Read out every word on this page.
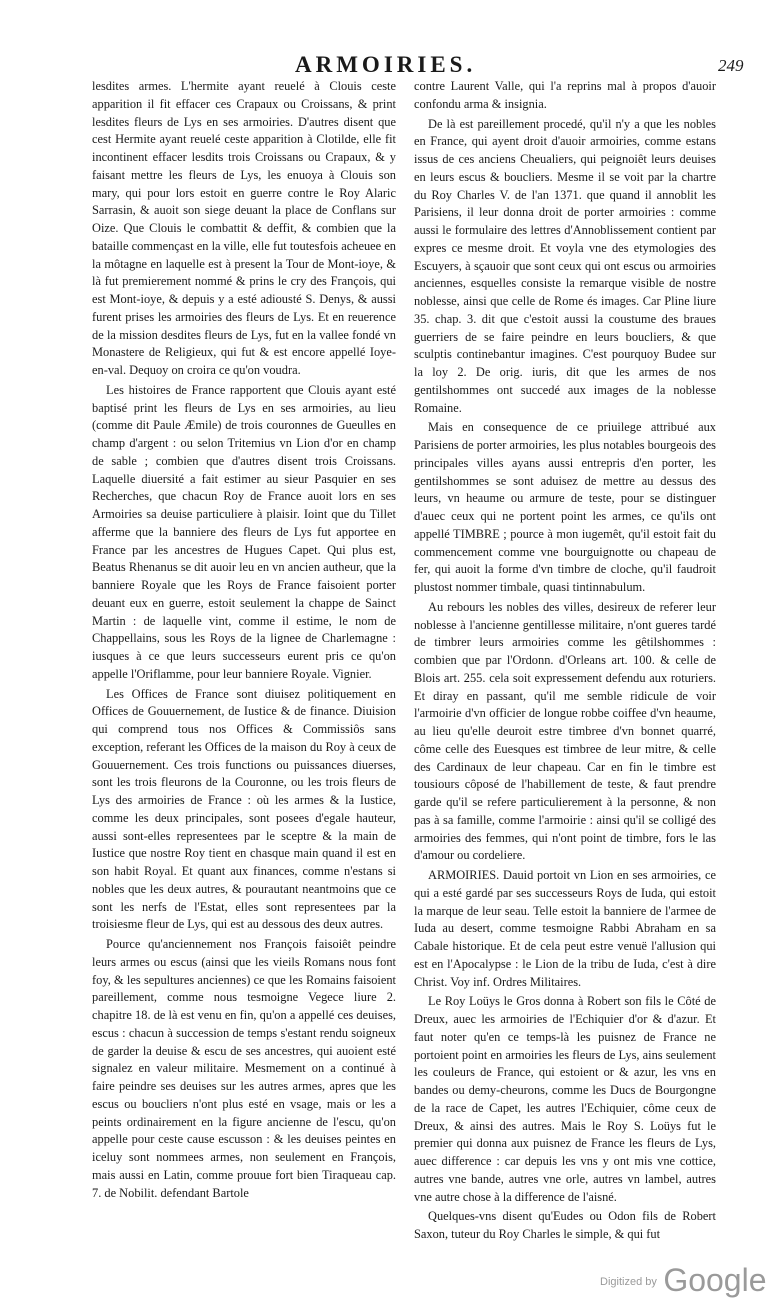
ARMOIRIES.	249

lesdites armes. L'hermite ayant reuelé à Clouis ceste apparition il fit effacer ces Crapaux ou Croissans, & print lesdites fleurs de Lys en ses armoiries. D'autres disent que cest Hermite ayant reuelé ceste apparition à Clotilde, elle fit incontinent effacer lesdits trois Croissans ou Crapaux, & y faisant mettre les fleurs de Lys, les enuoya à Clouis son mary, qui pour lors estoit en guerre contre le Roy Alaric Sarrasin, & auoit son siege deuant la place de Conflans sur Oize. Que Clouis le combattit & deffit, & combien que la bataille commençast en la ville, elle fut toutesfois acheuee en la môtagne en laquelle est à present la Tour de Mont-ioye, & là fut premierement nommé & prins le cry des François, qui est Mont-ioye, & depuis y a esté adiousté S. Denys, & aussi furent prises les armoiries des fleurs de Lys. Et en reuerence de la mission desdites fleurs de Lys, fut en la vallee fondé vn Monastere de Religieux, qui fut & est encore appellé Ioye-en-val. Dequoy on croira ce qu'on voudra.

Les histoires de France rapportent que Clouis ayant esté baptisé print les fleurs de Lys en ses armoiries, au lieu (comme dit Paule Æmile) de trois couronnes de Gueulles en champ d'argent : ou selon Tritemius vn Lion d'or en champ de sable ; combien que d'autres disent trois Croissans. Laquelle diuersité a fait estimer au sieur Pasquier en ses Recherches, que chacun Roy de France auoit lors en ses Armoiries sa deuise particuliere à plaisir. Ioint que du Tillet afferme que la banniere des fleurs de Lys fut apportee en France par les ancestres de Hugues Capet. Qui plus est, Beatus Rhenanus se dit auoir leu en vn ancien autheur, que la banniere Royale que les Roys de France faisoient porter deuant eux en guerre, estoit seulement la chappe de Sainct Martin : de laquelle vint, comme il estime, le nom de Chappellains, sous les Roys de la lignee de Charlemagne : iusques à ce que leurs successeurs eurent pris ce qu'on appelle l'Oriflamme, pour leur banniere Royale. Vignier.

Les Offices de France sont diuisez politiquement en Offices de Gouuernement, de Iustice & de finance. Diuision qui comprend tous nos Offices & Commissiôs sans exception, referant les Offices de la maison du Roy à ceux de Gouuernement. Ces trois functions ou puissances diuerses, sont les trois fleurons de la Couronne, ou les trois fleurs de Lys des armoiries de France : où les armes & la Iustice, comme les deux principales, sont posees d'egale hauteur, aussi sont-elles representees par le sceptre & la main de Iustice que nostre Roy tient en chasque main quand il est en son habit Royal. Et quant aux finances, comme n'estans si nobles que les deux autres, & pourautant neantmoins que ce sont les nerfs de l'Estat, elles sont representees par la troisiesme fleur de Lys, qui est au dessous des deux autres.

Pource qu'anciennement nos François faisoiêt peindre leurs armes ou escus (ainsi que les vieils Romans nous font foy, & les sepultures anciennes) ce que les Romains faisoient pareillement, comme nous tesmoigne Vegece liure 2. chapitre 18. de là est venu en fin, qu'on a appellé ces deuises, escus : chacun à succession de temps s'estant rendu soigneux de garder la deuise & escu de ses ancestres, qui auoient esté signalez en valeur militaire. Mesmement on a continué à faire peindre ses deuises sur les autres armes, apres que les escus ou boucliers n'ont plus esté en vsage, mais or les a peints ordinairement en la figure ancienne de l'escu, qu'on appelle pour ceste cause escusson : & les deuises peintes en iceluy sont nommees armes, non seulement en François, mais aussi en Latin, comme prouue fort bien Tiraqueau cap. 7. de Nobilit. defendant Bartole

contre Laurent Valle, qui l'a reprins mal à propos d'auoir confondu arma & insignia.

De là est pareillement procedé, qu'il n'y a que les nobles en France, qui ayent droit d'auoir armoiries, comme estans issus de ces anciens Cheualiers, qui peignoiêt leurs deuises en leurs escus & boucliers. Mesme il se voit par la chartre du Roy Charles V. de l'an 1371. que quand il annoblit les Parisiens, il leur donna droit de porter armoiries : comme aussi le formulaire des lettres d'Annoblissement contient par expres ce mesme droit. Et voyla vne des etymologies des Escuyers, à sçauoir que sont ceux qui ont escus ou armoiries anciennes, esquelles consiste la remarque visible de nostre noblesse, ainsi que celle de Rome és images. Car Pline liure 35. chap. 3. dit que c'estoit aussi la coustume des braues guerriers de se faire peindre en leurs boucliers, & que sculptis continebantur imagines. C'est pourquoy Budee sur la loy 2. De orig. iuris, dit que les armes de nos gentilshommes ont succedé aux images de la noblesse Romaine.

Mais en consequence de ce priuilege attribué aux Parisiens de porter armoiries, les plus notables bourgeois des principales villes ayans aussi entrepris d'en porter, les gentilshommes se sont aduisez de mettre au dessus des leurs, vn heaume ou armure de teste, pour se distinguer d'auec ceux qui ne portent point les armes, ce qu'ils ont appellé TIMBRE ; pource à mon iugemêt, qu'il estoit fait du commencement comme vne bourguignotte ou chapeau de fer, qui auoit la forme d'vn timbre de cloche, qu'il faudroit plustost nommer timbale, quasi tintinnabulum.

Au rebours les nobles des villes, desireux de referer leur noblesse à l'ancienne gentillesse militaire, n'ont gueres tardé de timbrer leurs armoiries comme les gêtilshommes : combien que par l'Ordonn. d'Orleans art. 100. & celle de Blois art. 255. cela soit expressement defendu aux roturiers. Et diray en passant, qu'il me semble ridicule de voir l'armoirie d'vn officier de longue robbe coiffee d'vn heaume, au lieu qu'elle deuroit estre timbree d'vn bonnet quarré, côme celle des Euesques est timbree de leur mitre, & celle des Cardinaux de leur chapeau. Car en fin le timbre est tousiours côposé de l'habillement de teste, & faut prendre garde qu'il se refere particulierement à la personne, & non pas à sa famille, comme l'armoirie : ainsi qu'il se colligé des armoiries des femmes, qui n'ont point de timbre, fors le las d'amour ou cordeliere.

ARMOIRIES. Dauid portoit vn Lion en ses armoiries, ce qui a esté gardé par ses successeurs Roys de Iuda, qui estoit la marque de leur seau. Telle estoit la banniere de l'armee de Iuda au desert, comme tesmoigne Rabbi Abraham en sa Cabale historique. Et de cela peut estre venuë l'allusion qui est en l'Apocalypse : le Lion de la tribu de Iuda, c'est à dire Christ. Voy inf. Ordres Militaires.

Le Roy Loüys le Gros donna à Robert son fils le Côté de Dreux, auec les armoiries de l'Echiquier d'or & d'azur. Et faut noter qu'en ce temps-là les puisnez de France ne portoient point en armoiries les fleurs de Lys, ains seulement les couleurs de France, qui estoient or & azur, les vns en bandes ou demy-cheurons, comme les Ducs de Bourgongne de la race de Capet, les autres l'Echiquier, côme ceux de Dreux, & ainsi des autres. Mais le Roy S. Loüys fut le premier qui donna aux puisnez de France les fleurs de Lys, auec difference : car depuis les vns y ont mis vne cottice, autres vne bande, autres vne orle, autres vn lambel, autres vne autre chose à la difference de l'aisné.

Quelques-vns disent qu'Eudes ou Odon fils de Robert Saxon, tuteur du Roy Charles le simple, & qui fut

$^{Digitized by}$ Google
